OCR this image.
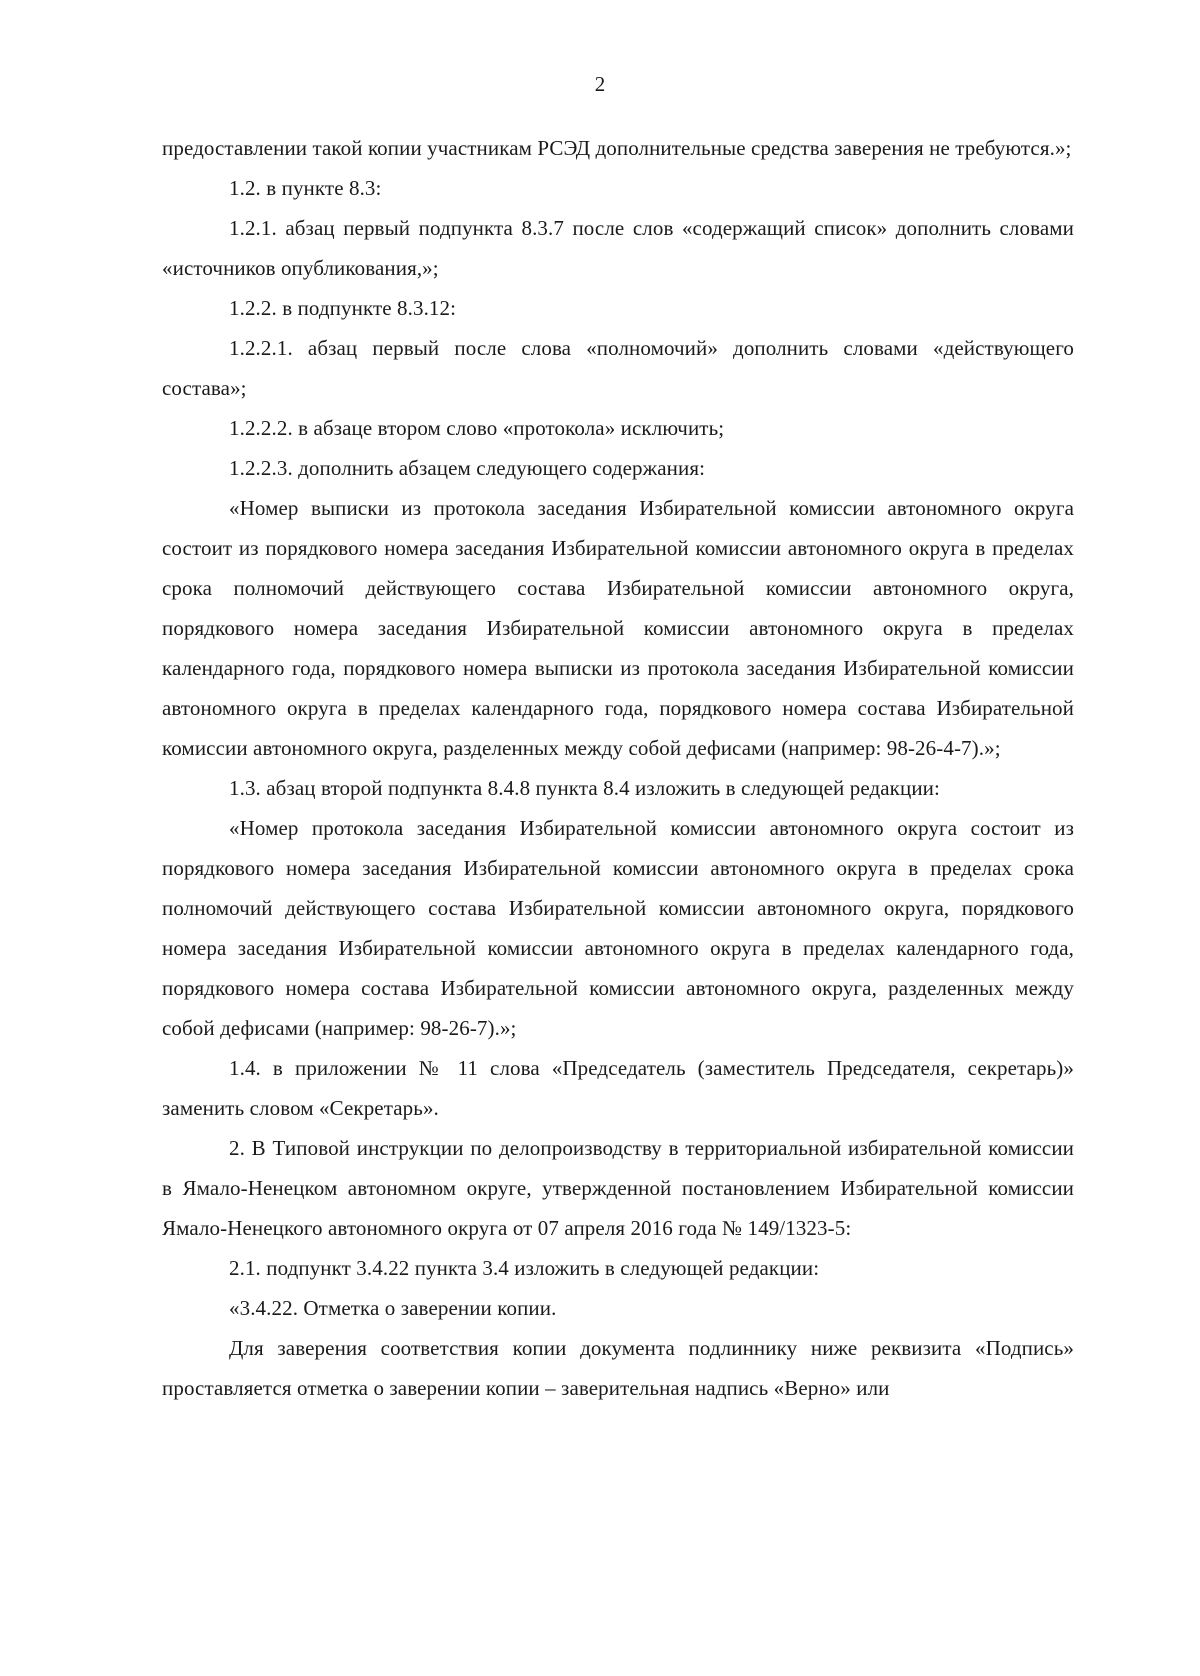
2

предоставлении такой копии участникам РСЭД дополнительные средства заверения не требуются.»;

1.2. в пункте 8.3:

1.2.1. абзац первый подпункта 8.3.7 после слов «содержащий список» дополнить словами «источников опубликования,»;

1.2.2. в подпункте 8.3.12:

1.2.2.1. абзац первый после слова «полномочий» дополнить словами «действующего состава»;

1.2.2.2. в абзаце втором слово «протокола» исключить;

1.2.2.3. дополнить абзацем следующего содержания:

«Номер выписки из протокола заседания Избирательной комиссии автономного округа состоит из порядкового номера заседания Избирательной комиссии автономного округа в пределах срока полномочий действующего состава Избирательной комиссии автономного округа, порядкового номера заседания Избирательной комиссии автономного округа в пределах календарного года, порядкового номера выписки из протокола заседания Избирательной комиссии автономного округа в пределах календарного года, порядкового номера состава Избирательной комиссии автономного округа, разделенных между собой дефисами (например: 98-26-4-7).»;

1.3. абзац второй подпункта 8.4.8 пункта 8.4 изложить в следующей редакции:

«Номер протокола заседания Избирательной комиссии автономного округа состоит из порядкового номера заседания Избирательной комиссии автономного округа в пределах срока полномочий действующего состава Избирательной комиссии автономного округа, порядкового номера заседания Избирательной комиссии автономного округа в пределах календарного года, порядкового номера состава Избирательной комиссии автономного округа, разделенных между собой дефисами (например: 98-26-7).»;

1.4. в приложении № 11 слова «Председатель (заместитель Председателя, секретарь)» заменить словом «Секретарь».

2. В Типовой инструкции по делопроизводству в территориальной избирательной комиссии в Ямало-Ненецком автономном округе, утвержденной постановлением Избирательной комиссии Ямало-Ненецкого автономного округа от 07 апреля 2016 года № 149/1323-5:

2.1. подпункт 3.4.22 пункта 3.4 изложить в следующей редакции:

«3.4.22. Отметка о заверении копии.

Для заверения соответствия копии документа подлиннику ниже реквизита «Подпись» проставляется отметка о заверении копии – заверительная надпись «Верно» или
